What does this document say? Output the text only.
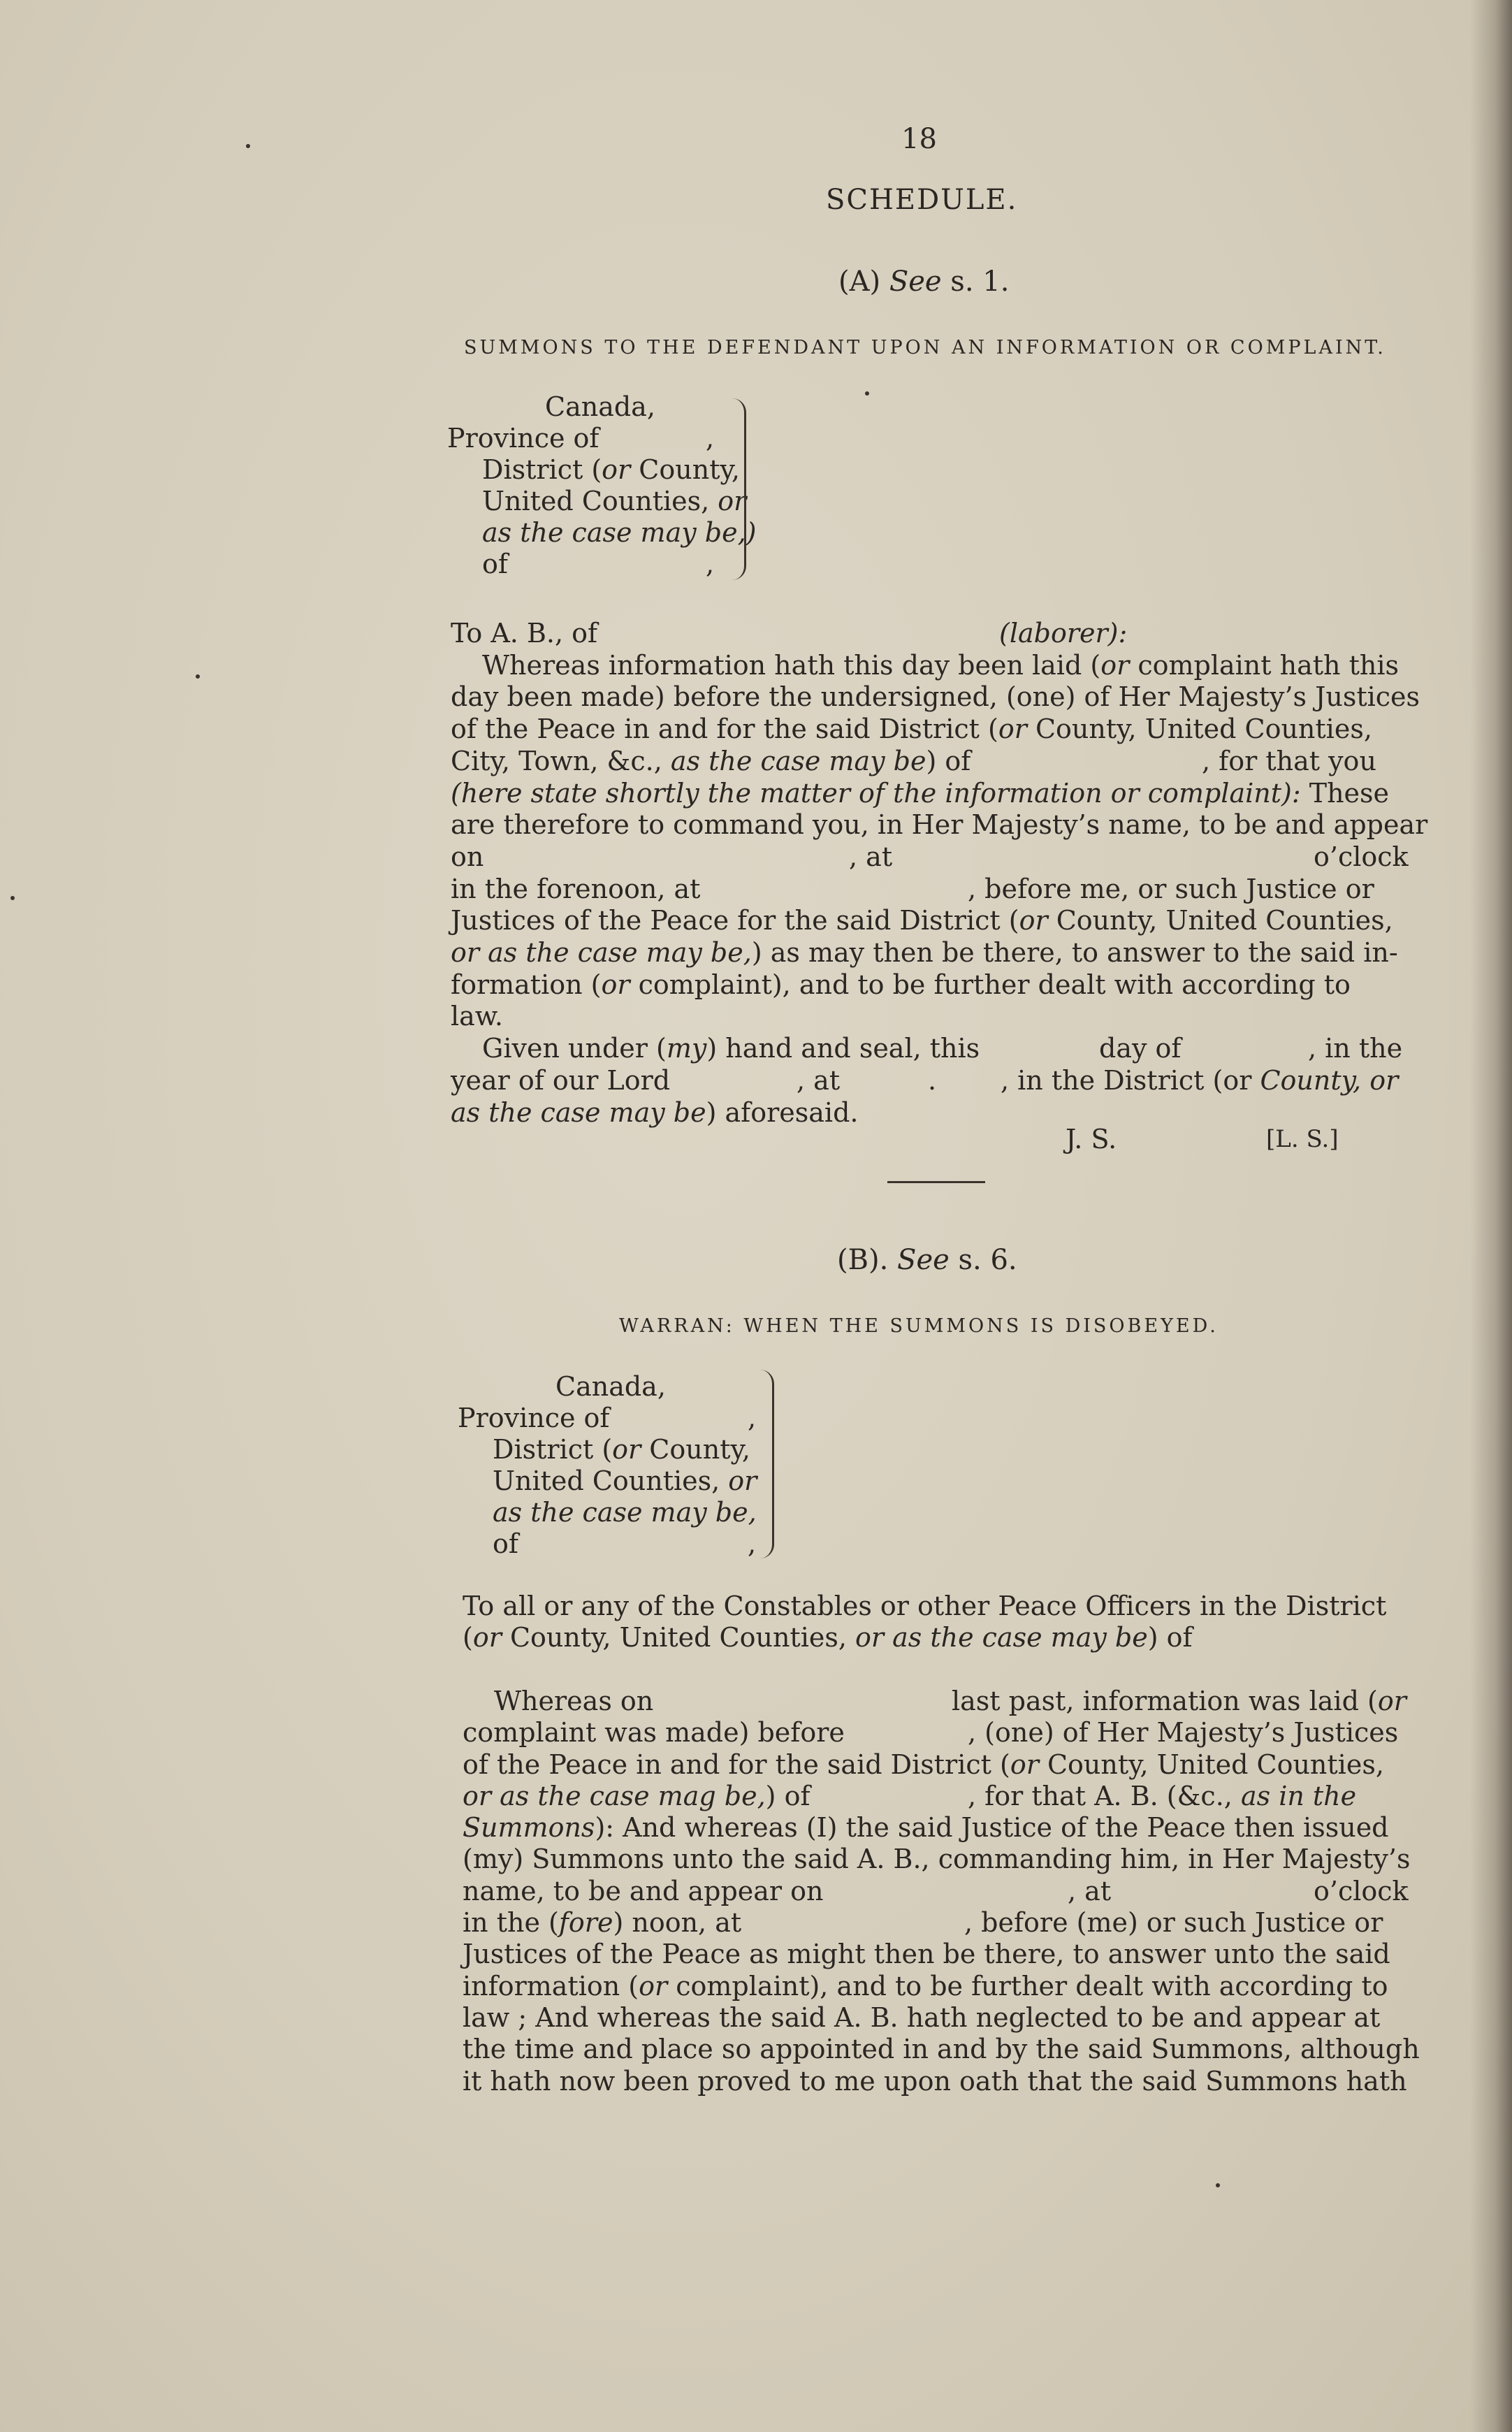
18
SCHEDULE.
(A) See s. 1.
SUMMONS TO THE DEFENDANT UPON AN INFORMATION OR COMPLAINT.
Canada,
Province of	,
District (or County,
United Counties, or
as the case may be,)
of	,
To A. B., of	(laborer):
Whereas information hath this day been laid (or complaint hath this
day been made) before the undersigned, (one) of Her Majesty’s Justices
of the Peace in and for the said District (or County, United Counties,
City, Town, &c., as the case may be) of	, for that you
(here state shortly the matter of the information or complaint): These
are therefore to command you, in Her Majesty’s name, to be and appear
on	, at	o’clock
in the forenoon, at	, before me, or such Justice or
Justices of the Peace for the said District (or County, United Counties,
or as the case may be,) as may then be there, to answer to the said in-
formation (or complaint), and to be further dealt with according to
law.
Given under (my) hand and seal, this	day of	, in the
year of our Lord	, at	. , in the District (or County, or
as the case may be) aforesaid.
J. S.	[L. S.]
(B). See s. 6.
WARRAN: WHEN THE SUMMONS IS DISOBEYED.
Canada,
Province of	,
District (or County,
United Counties, or
as the case may be,
of	,
To all or any of the Constables or other Peace Officers in the District
(or County, United Counties, or as the case may be) of
Whereas on	last past, information was laid (or
complaint was made) before	, (one) of Her Majesty’s Justices
of the Peace in and for the said District (or County, United Counties,
or as the case mag be,) of	, for that A. B. (&c., as in the
Summons): And whereas (I) the said Justice of the Peace then issued
(my) Summons unto the said A. B., commanding him, in Her Majesty’s
name, to be and appear on	, at	o’clock
in the (fore) noon, at	, before (me) or such Justice or
Justices of the Peace as might then be there, to answer unto the said
information (or complaint), and to be further dealt with according to
law ; And whereas the said A. B. hath neglected to be and appear at
the time and place so appointed in and by the said Summons, although
it hath now been proved to me upon oath that the said Summons hath
